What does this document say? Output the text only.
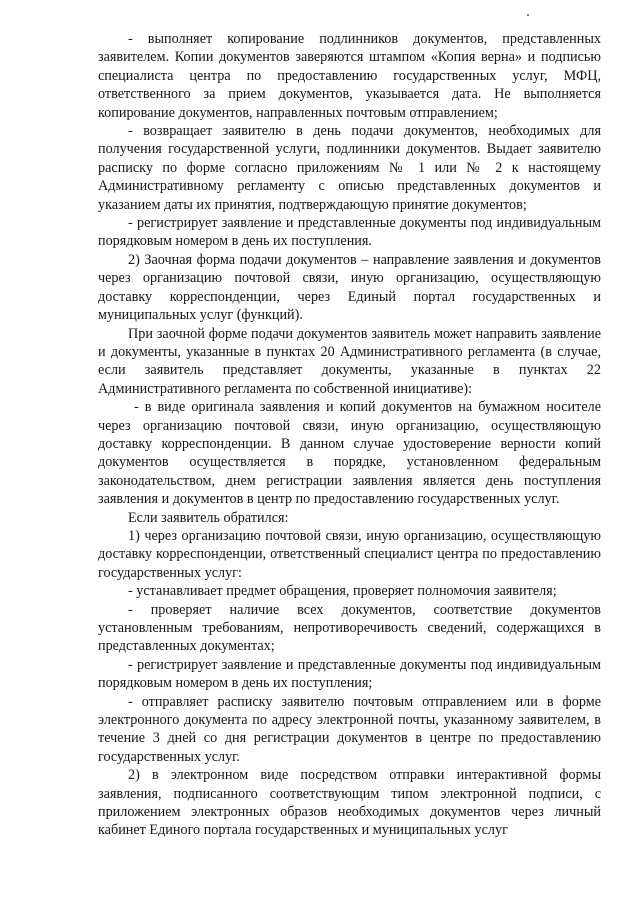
- выполняет копирование подлинников документов, представленных заявителем. Копии документов заверяются штампом «Копия верна» и подписью специалиста центра по предоставлению государственных услуг, МФЦ, ответственного за прием документов, указывается дата. Не выполняется копирование документов, направленных почтовым отправлением;

- возвращает заявителю в день подачи документов, необходимых для получения государственной услуги, подлинники документов. Выдает заявителю расписку по форме согласно приложениям № 1 или № 2 к настоящему Административному регламенту с описью представленных документов и указанием даты их принятия, подтверждающую принятие документов;

- регистрирует заявление и представленные документы под индивидуальным порядковым номером в день их поступления.

2) Заочная форма подачи документов – направление заявления и документов через организацию почтовой связи, иную организацию, осуществляющую доставку корреспонденции, через Единый портал государственных и муниципальных услуг (функций).

При заочной форме подачи документов заявитель может направить заявление и документы, указанные в пунктах 20 Административного регламента (в случае, если заявитель представляет документы, указанные в пунктах 22 Административного регламента по собственной инициативе):

- в виде оригинала заявления и копий документов на бумажном носителе через организацию почтовой связи, иную организацию, осуществляющую доставку корреспонденции. В данном случае удостоверение верности копий документов осуществляется в порядке, установленном федеральным законодательством, днем регистрации заявления является день поступления заявления и документов в центр по предоставлению государственных услуг.

Если заявитель обратился:

1) через организацию почтовой связи, иную организацию, осуществляющую доставку корреспонденции, ответственный специалист центра по предоставлению государственных услуг:

- устанавливает предмет обращения, проверяет полномочия заявителя;

- проверяет наличие всех документов, соответствие документов установленным требованиям, непротиворечивость сведений, содержащихся в представленных документах;

- регистрирует заявление и представленные документы под индивидуальным порядковым номером в день их поступления;

- отправляет расписку заявителю почтовым отправлением или в форме электронного документа по адресу электронной почты, указанному заявителем, в течение 3 дней со дня регистрации документов в центре по предоставлению государственных услуг.

2) в электронном виде посредством отправки интерактивной формы заявления, подписанного соответствующим типом электронной подписи, с приложением электронных образов необходимых документов через личный кабинет Единого портала государственных и муниципальных услуг
